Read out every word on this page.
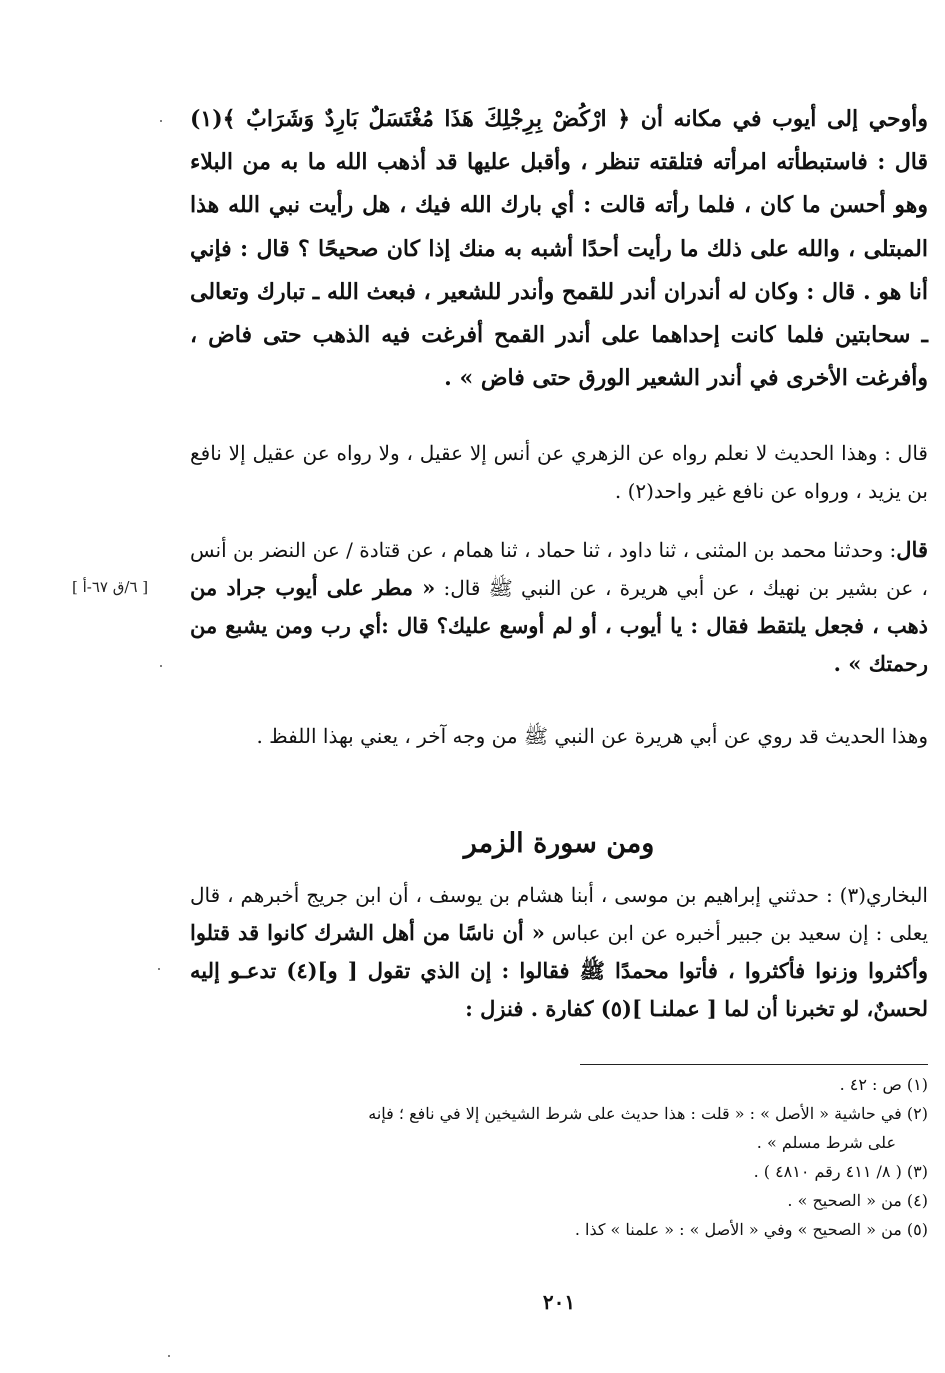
وأوحي إلى أيوب في مكانه أن ﴿ ارْكُضْ بِرِجْلِكَ هَذَا مُغْتَسَلٌ بَارِدٌ وَشَرَابٌ ﴾(١) قال : فاستبطأته امرأته فتلقته تنظر ، وأقبل عليها قد أذهب الله ما به من البلاء وهو أحسن ما كان ، فلما رأته قالت : أي بارك الله فيك ، هل رأيت نبي الله هذا المبتلى ، والله على ذلك ما رأيت أحدًا أشبه به منك إذا كان صحيحًا ؟ قال : فإني أنا هو . قال : وكان له أندران أندر للقمح وأندر للشعير ، فبعث الله ـ تبارك وتعالى ـ سحابتين فلما كانت إحداهما على أندر القمح أفرغت فيه الذهب حتى فاض ، وأفرغت الأخرى في أندر الشعير الورق حتى فاض » .

قال : وهذا الحديث لا نعلم رواه عن الزهري عن أنس إلا عقيل ، ولا رواه عن عقيل إلا نافع بن يزيد ، ورواه عن نافع غير واحد(٢) .

قال: وحدثنا محمد بن المثنى ، ثنا داود ، ثنا حماد ، ثنا همام ، عن قتادة / عن النضر بن أنس ، عن بشير بن نهيك ، عن أبي هريرة ، عن النبي ﷺ قال: « مطر على أيوب جراد من ذهب ، فجعل يلتقط فقال : يا أيوب ، أو لم أوسع عليك؟ قال :أي رب ومن يشبع من رحمتك » .

[ ٦/ق ٦٧-أ ]

وهذا الحديث قد روي عن أبي هريرة عن النبي ﷺ من وجه آخر ، يعني بهذا اللفظ .

ومن سورة الزمر

البخاري(٣) : حدثني إبراهيم بن موسى ، أبنا هشام بن يوسف ، أن ابن جريج أخبرهم ، قال يعلى : إن سعيد بن جبير أخبره عن ابن عباس « أن ناسًا من أهل الشرك كانوا قد قتلوا وأكثروا وزنوا فأكثروا ، فأتوا محمدًا ﷺ فقالوا : إن الذي تقول [ و](٤) تدعـو إليه لحسنٌ، لو تخبرنا أن لما [ عملنـا ](٥) كفارة . فنزل :

(١) ص : ٤٢ .

(٢) في حاشية « الأصل » : « قلت : هذا حديث على شرط الشيخين إلا في نافع ؛ فإنه

على شرط مسلم » .

(٣) ( ٨/ ٤١١ رقم ٤٨١٠ ) .

(٤) من « الصحيح » .

(٥) من « الصحيح » وفي « الأصل » : « علمنا » كذا .

٢٠١
